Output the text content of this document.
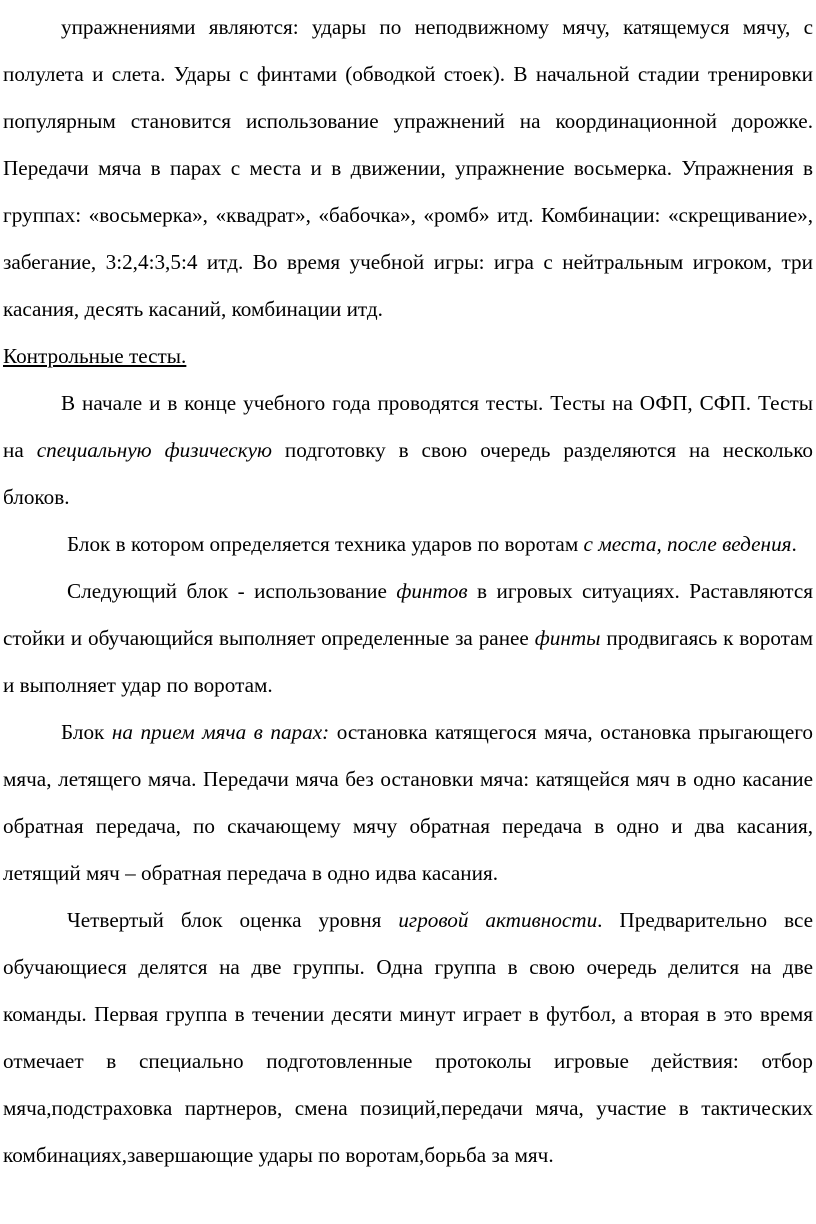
упражнениями являются: удары по неподвижному мячу, катящемуся мячу, с полулета и слета. Удары с финтами (обводкой стоек). В начальной стадии тренировки популярным становится использование упражнений на координационной дорожке. Передачи мяча в парах с места и в движении, упражнение восьмерка. Упражнения в группах: «восьмерка», «квадрат», «бабочка», «ромб» итд. Комбинации: «скрещивание», забегание, 3:2,4:3,5:4 итд. Во время учебной игры: игра с нейтральным игроком, три касания, десять касаний, комбинации итд.

Контрольные тесты.

В начале и в конце учебного года проводятся тесты. Тесты на ОФП, СФП. Тесты на специальную физическую подготовку в свою очередь разделяются на несколько блоков.

Блок в котором определяется техника ударов по воротам с места, после ведения.

Следующий блок - использование финтов в игровых ситуациях. Раставляются стойки и обучающийся выполняет определенные за ранее финты продвигаясь к воротам и выполняет удар по воротам.

Блок на прием мяча в парах: остановка катящегося мяча, остановка прыгающего мяча, летящего мяча. Передачи мяча без остановки мяча: катящейся мяч в одно касание обратная передача, по скачающему мячу обратная передача в одно и два касания, летящий мяч – обратная передача в одно идва касания.

Четвертый блок оценка уровня игровой активности. Предварительно все обучающиеся делятся на две группы. Одна группа в свою очередь делится на две команды. Первая группа в течении десяти минут играет в футбол, а вторая в это время отмечает в специально подготовленные протоколы игровые действия: отбор мяча,подстраховка партнеров, смена позиций,передачи мяча, участие в тактических комбинациях,завершающие удары по воротам,борьба за мяч.
